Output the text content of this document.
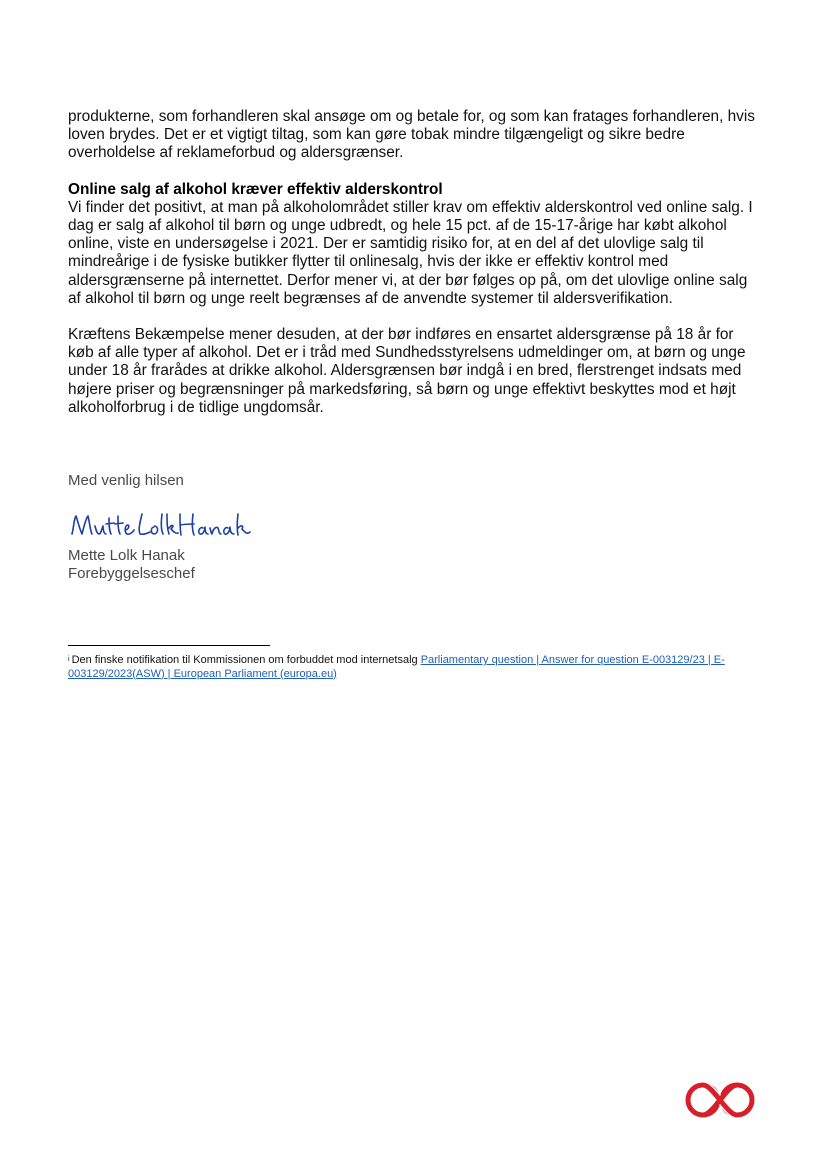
produkterne, som forhandleren skal ansøge om og betale for, og som kan fratages forhandleren, hvis loven brydes. Det er et vigtigt tiltag, som kan gøre tobak mindre tilgængeligt og sikre bedre overholdelse af reklameforbud og aldersgrænser.

Online salg af alkohol kræver effektiv alderskontrol

Vi finder det positivt, at man på alkoholområdet stiller krav om effektiv alderskontrol ved online salg. I dag er salg af alkohol til børn og unge udbredt, og hele 15 pct. af de 15-17-årige har købt alkohol online, viste en undersøgelse i 2021. Der er samtidig risiko for, at en del af det ulovlige salg til mindreårige i de fysiske butikker flytter til onlinesalg, hvis der ikke er effektiv kontrol med aldersgrænserne på internettet. Derfor mener vi, at der bør følges op på, om det ulovlige online salg af alkohol til børn og unge reelt begrænses af de anvendte systemer til aldersverifikation.

Kræftens Bekæmpelse mener desuden, at der bør indføres en ensartet aldersgrænse på 18 år for køb af alle typer af alkohol. Det er i tråd med Sundhedsstyrelsens udmeldinger om, at børn og unge under 18 år frarådes at drikke alkohol. Aldersgrænsen bør indgå i en bred, flerstrenget indsats med højere priser og begrænsninger på markedsføring, så børn og unge effektivt beskyttes mod et højt alkoholforbrug i de tidlige ungdomsår.

Med venlig hilsen

Mette Lolk Hanak

Mette Lolk Hanak

Forebyggelseschef

$^i$ Den finske notifikation til Kommissionen om forbuddet mod internetsalg Parliamentary question | Answer for question E-003129/23 | E-003129/2023(ASW) | European Parliament (europa.eu)
